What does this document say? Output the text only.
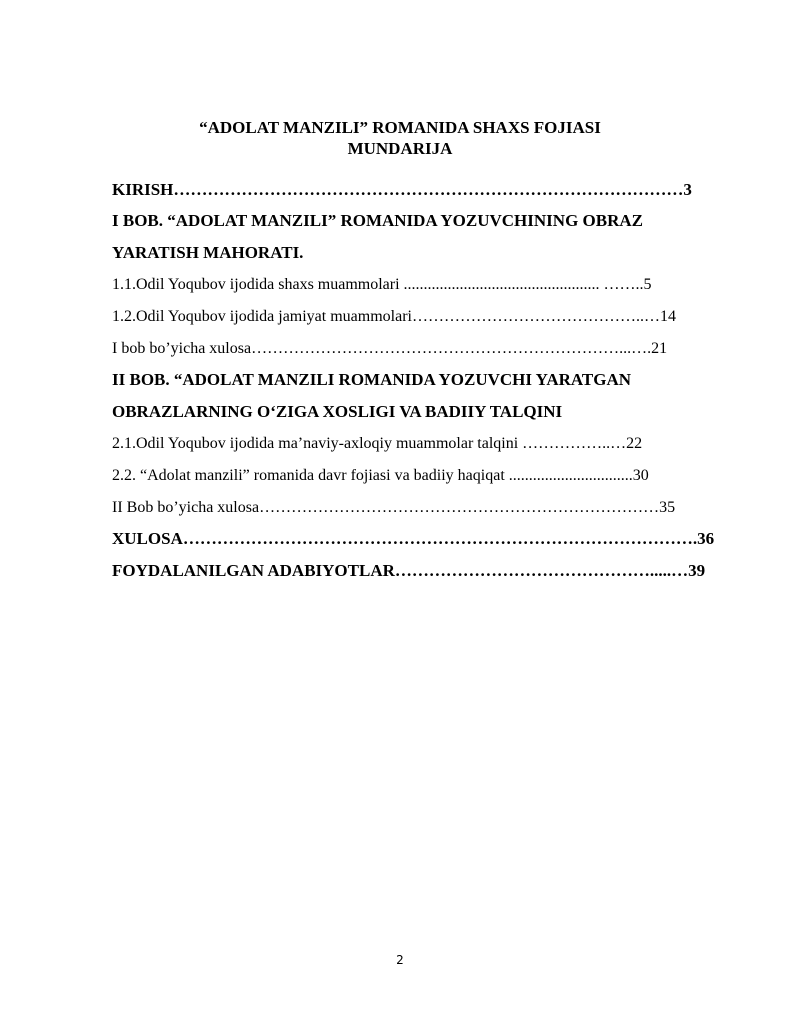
“ADOLAT MANZILI” ROMANIDA SHAXS FOJIASI
MUNDARIJA
KIRISH………………………………………………………………………………3
I BOB. “ADOLAT MANZILI” ROMANIDA YOZUVCHINING OBRAZ
YARATISH MAHORATI.
1.1.Odil Yoqubov ijodida shaxs muammolari ................................................. ……..5
1.2.Odil Yoqubov ijodida jamiyat muammolari……………………………………..…14
I bob bo’yicha xulosa……………………………………………………………...….21
II BOB. “ADOLAT MANZILI ROMANIDA YOZUVCHI YARATGAN
OBRAZLARNING O‘ZIGA XOSLIGI VA BADIIY TALQINI
2.1.Odil Yoqubov ijodida ma’naviy-axloqiy muammolar talqini ……………..…22
2.2. “Adolat manzili” romanida davr fojiasi va badiiy haqiqat ...............................30
II Bob bo’yicha xulosa…………………………………………………………………35
XULOSA……………………………………………………………………………….36
FOYDALANILGAN ADABIYOTLAR……………………………………….....…39
2
